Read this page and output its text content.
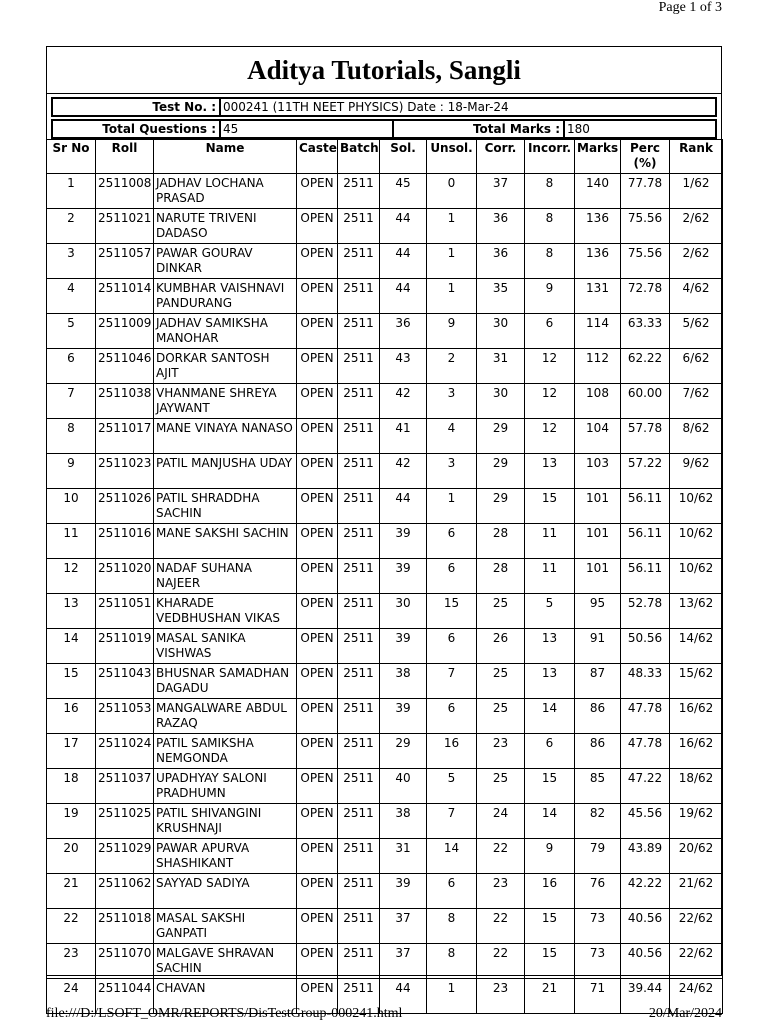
Page 1 of 3
Aditya Tutorials, Sangli
Test No. : 000241 (11TH NEET PHYSICS) Date : 18-Mar-24
Total Questions : 45	Total Marks : 180
Sr No	Roll	Name	Caste	Batch	Sol.	Unsol.	Corr.	Incorr.	Marks	Perc (%)	Rank
1	2511008	JADHAV LOCHANA PRASAD	OPEN	2511	45	0	37	8	140	77.78	1/62
2	2511021	NARUTE TRIVENI DADASO	OPEN	2511	44	1	36	8	136	75.56	2/62
3	2511057	PAWAR GOURAV DINKAR	OPEN	2511	44	1	36	8	136	75.56	2/62
4	2511014	KUMBHAR VAISHNAVI PANDURANG	OPEN	2511	44	1	35	9	131	72.78	4/62
5	2511009	JADHAV SAMIKSHA MANOHAR	OPEN	2511	36	9	30	6	114	63.33	5/62
6	2511046	DORKAR SANTOSH AJIT	OPEN	2511	43	2	31	12	112	62.22	6/62
7	2511038	VHANMANE SHREYA JAYWANT	OPEN	2511	42	3	30	12	108	60.00	7/62
8	2511017	MANE VINAYA NANASO	OPEN	2511	41	4	29	12	104	57.78	8/62
9	2511023	PATIL MANJUSHA UDAY	OPEN	2511	42	3	29	13	103	57.22	9/62
10	2511026	PATIL SHRADDHA SACHIN	OPEN	2511	44	1	29	15	101	56.11	10/62
11	2511016	MANE SAKSHI SACHIN	OPEN	2511	39	6	28	11	101	56.11	10/62
12	2511020	NADAF SUHANA NAJEER	OPEN	2511	39	6	28	11	101	56.11	10/62
13	2511051	KHARADE VEDBHUSHAN VIKAS	OPEN	2511	30	15	25	5	95	52.78	13/62
14	2511019	MASAL SANIKA VISHWAS	OPEN	2511	39	6	26	13	91	50.56	14/62
15	2511043	BHUSNAR SAMADHAN DAGADU	OPEN	2511	38	7	25	13	87	48.33	15/62
16	2511053	MANGALWARE ABDUL RAZAQ	OPEN	2511	39	6	25	14	86	47.78	16/62
17	2511024	PATIL SAMIKSHA NEMGONDA	OPEN	2511	29	16	23	6	86	47.78	16/62
18	2511037	UPADHYAY SALONI PRADHUMN	OPEN	2511	40	5	25	15	85	47.22	18/62
19	2511025	PATIL SHIVANGINI KRUSHNAJI	OPEN	2511	38	7	24	14	82	45.56	19/62
20	2511029	PAWAR APURVA SHASHIKANT	OPEN	2511	31	14	22	9	79	43.89	20/62
21	2511062	SAYYAD SADIYA	OPEN	2511	39	6	23	16	76	42.22	21/62
22	2511018	MASAL SAKSHI GANPATI	OPEN	2511	37	8	22	15	73	40.56	22/62
23	2511070	MALGAVE SHRAVAN SACHIN	OPEN	2511	37	8	22	15	73	40.56	22/62
24	2511044	CHAVAN	OPEN	2511	44	1	23	21	71	39.44	24/62
file:///D:/LSOFT_OMR/REPORTS/DisTestGroup-000241.html	20/Mar/2024
